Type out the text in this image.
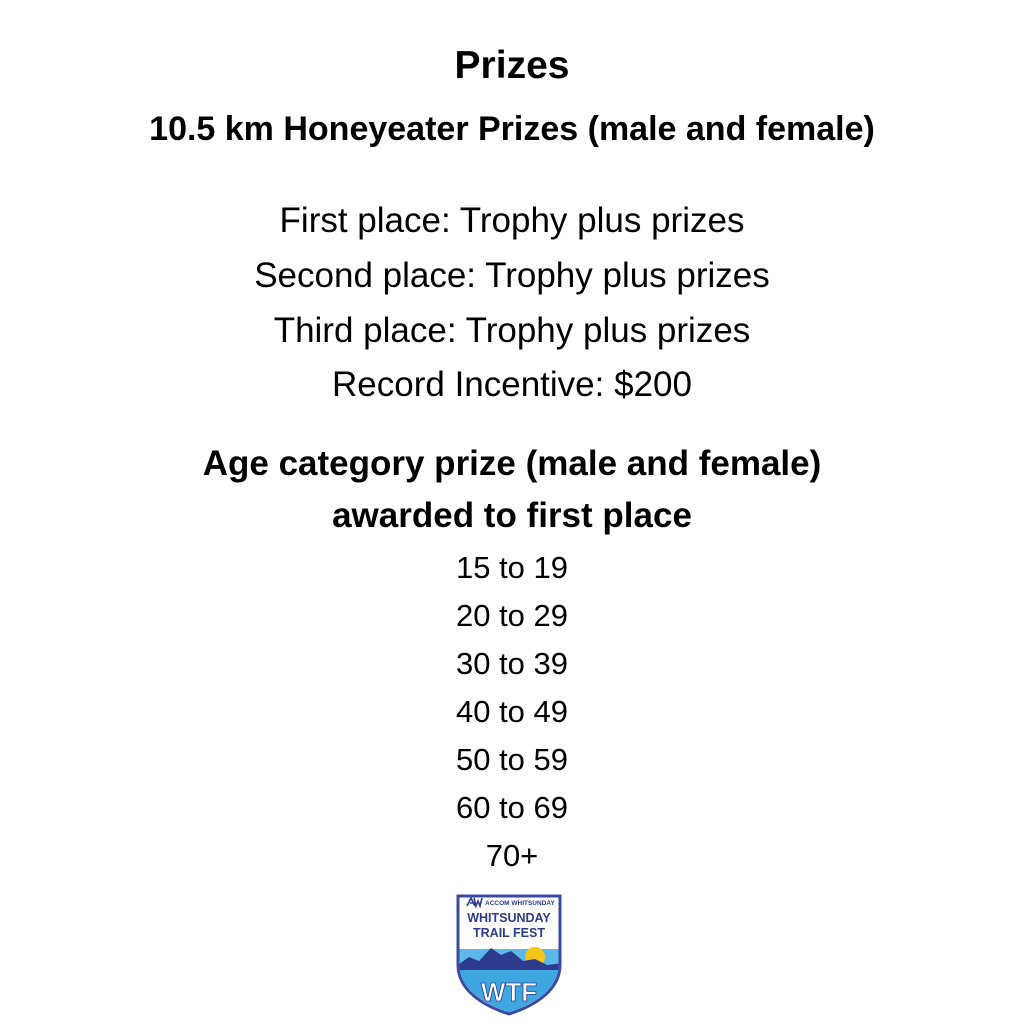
Prizes
10.5 km Honeyeater Prizes (male and female)
First place: Trophy plus prizes
Second place: Trophy plus prizes
Third place: Trophy plus prizes
Record Incentive: $200
Age category prize (male and female)
awarded to first place
15 to 19
20 to 29
30 to 39
40 to 49
50 to 59
60 to 69
70+
ACCOM WHITSUNDAY
WHITSUNDAY
TRAIL FEST
WTF
